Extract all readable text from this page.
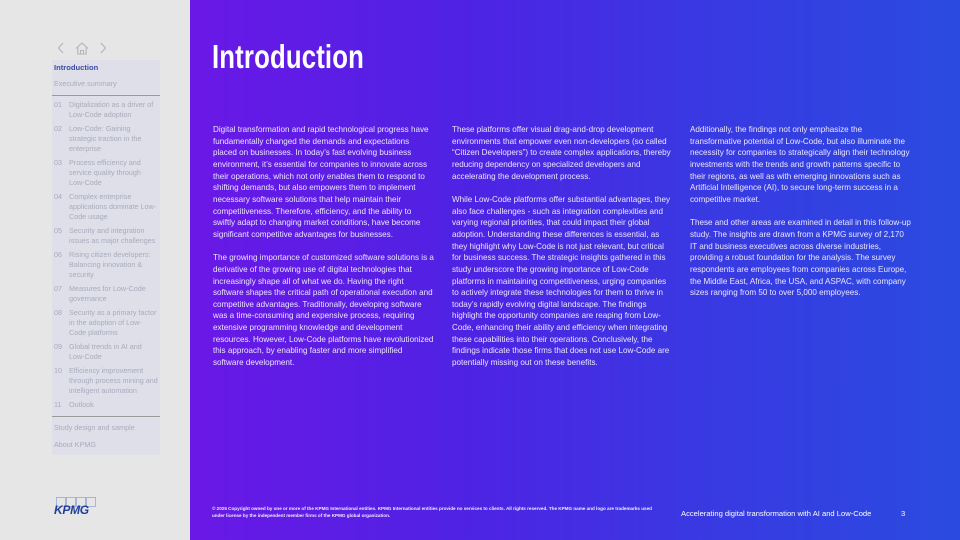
Introduction
Executive summary
01 Digitalization as a driver of Low-Code adoption
02 Low-Code: Gaining strategic traction in the enterprise
03 Process efficiency and service quality through Low-Code
04 Complex enterprise applications dominate Low-Code usage
05 Security and integration issues as major challenges
06 Rising citizen developers: Balancing innovation & security
07 Measures for Low-Code governance
08 Security as a primary factor in the adoption of Low-Code platforms
09 Global trends in AI and Low-Code
10 Efficiency improvement through process mining and intelligent automation
11	Outlook
Study design and sample
About KPMG
KPMG
Introduction

Digital transformation and rapid technological progress have fundamentally changed the demands and expectations placed on businesses. In today’s fast evolving business environment, it’s essential for companies to innovate across their operations, which not only enables them to respond to shifting demands, but also empowers them to implement necessary software solutions that help maintain their competitiveness. Therefore, efficiency, and the ability to swiftly adapt to changing market conditions, have become significant competitive advantages for businesses.

The growing importance of customized software solutions is a derivative of the growing use of digital technologies that increasingly shape all of what we do. Having the right software shapes the critical path of operational execution and competitive advantages. Traditionally, developing software was a time-consuming and expensive process, requiring extensive programming knowledge and development resources. However, Low-Code platforms have revolutionized this approach, by enabling faster and more simplified software development.

These platforms offer visual drag-and-drop development environments that empower even non-developers (so called “Citizen Developers”) to create complex applications, thereby reducing dependency on specialized developers and accelerating the development process.

While Low-Code platforms offer substantial advantages, they also face challenges - such as integration complexities and varying regional priorities, that could impact their global adoption. Understanding these differences is essential, as they highlight why Low-Code is not just relevant, but critical for business success. The strategic insights gathered in this study underscore the growing importance of Low-Code platforms in maintaining competitiveness, urging companies to actively integrate these technologies for them to thrive in today’s rapidly evolving digital landscape. The findings highlight the opportunity companies are reaping from Low-Code, enhancing their ability and efficiency when integrating these capabilities into their operations. Conclusively, the findings indicate those firms that does not use Low-Code are potentially missing out on these benefits.

Additionally, the findings not only emphasize the transformative potential of Low-Code, but also illuminate the necessity for companies to strategically align their technology investments with the trends and growth patterns specific to their regions, as well as with emerging innovations such as Artificial Intelligence (AI), to secure long-term success in a competitive market.

These and other areas are examined in detail in this follow-up study. The insights are drawn from a KPMG survey of 2,170 IT and business executives across diverse industries, providing a robust foundation for the analysis. The survey respondents are employees from companies across Europe, the Middle East, Africa, the USA, and ASPAC, with company sizes ranging from 50 to over 5,000 employees.

© 2025 Copyright owned by one or more of the KPMG International entities. KPMG International entities provide no services to clients. All rights reserved. The KPMG name and logo are trademarks used under license by the independent member firms of the KPMG global organization.	Accelerating digital transformation with AI and Low-Code	3
